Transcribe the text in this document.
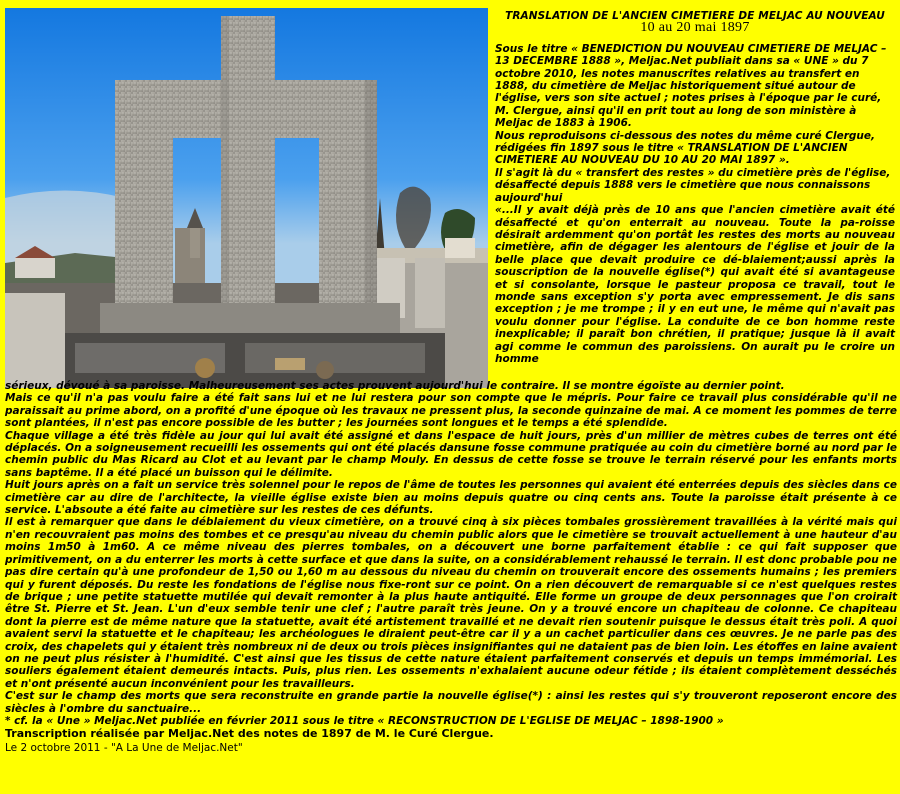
TRANSLATION DE L'ANCIEN CIMETIERE DE MELJAC AU NOUVEAU
10 au 20 mai 1897

Sous le titre « BENEDICTION DU NOUVEAU CIMETIERE DE MELJAC – 13 DECEMBRE 1888 », Meljac.Net publiait dans sa « UNE » du 7 octobre 2010, les notes manuscrites relatives au transfert en 1888, du cimetière de Meljac historiquement situé autour de l'église, vers son site actuel ; notes prises à l'époque par le curé, M. Clergue, ainsi qu'il en prit tout au long de son ministère à Meljac de 1883 à 1906.

Nous reproduisons ci-dessous des notes du même curé Clergue, rédigées fin 1897 sous le titre « TRANSLATION DE L'ANCIEN CIMETIERE AU NOUVEAU DU 10 AU 20 MAI 1897 ».

Il s'agit là du « transfert des restes » du cimetière près de l'église, désaffecté depuis 1888 vers le cimetière que nous connaissons aujourd'hui

«...Il y avait déjà près de 10 ans que l'ancien cimetière avait été désaffecté et qu'on enterrait au nouveau. Toute la pa-roisse désirait ardemment qu'on portât les restes des morts au nouveau cimetière, afin de dégager les alentours de l'église et jouir de la belle place que devait produire ce dé-blaiement;aussi après la souscription de la nouvelle église(*) qui avait été si avantageuse et si consolante, lorsque le pasteur proposa ce travail, tout le monde sans exception s'y porta avec empressement. Je dis sans exception ; je me trompe ; il y en eut une, le même qui n'avait pas voulu donner pour l'église. La conduite de ce bon homme reste inexplicable; il paraît bon chrétien, il pratique; jusque là il avait agi comme le commun des paroissiens. On aurait pu le croire un homme

sérieux, dévoué à sa paroisse. Malheureusement ses actes prouvent aujourd'hui le contraire. Il se montre égoïste au dernier point.

Mais ce qu'il n'a pas voulu faire a été fait sans lui et ne lui restera pour son compte que le mépris. Pour faire ce travail plus considérable qu'il ne paraissait au prime abord, on a profité d'une époque où les travaux ne pressent plus, la seconde quinzaine de mai. A ce moment les pommes de terre sont plantées, il n'est pas encore possible de les butter ; les journées sont longues et le temps a été splendide.

Chaque village a été très fidèle au jour qui lui avait été assigné et dans l'espace de huit jours, près d'un millier de mètres cubes de terres ont été déplacés. On a soigneusement recueilli les ossements qui ont été placés dansune fosse commune pratiquée au coin du cimetière borné au nord par le chemin public du Mas Ricard au Clot et au levant par le champ Mouly. En dessus de cette fosse se trouve le terrain réservé pour les enfants morts sans baptême. Il a été placé un buisson qui le délimite.

Huit jours après on a fait un service très solennel pour le repos de l'âme de toutes les personnes qui avaient été enterrées depuis des siècles dans ce cimetière car au dire de l'architecte, la vieille église existe bien au moins depuis quatre ou cinq cents ans. Toute la paroisse était présente à ce service. L'absoute a été faite au cimetière sur les restes de ces défunts.

Il est à remarquer que dans le déblaiement du vieux cimetière, on a trouvé cinq à six pièces tombales grossièrement travaillées à la vérité mais qui n'en recouvraient pas moins des tombes et ce presqu'au niveau du chemin public alors que le cimetière se trouvait actuellement à une hauteur d'au moins 1m50 à 1m60. A ce même niveau des pierres tombales, on a découvert une borne parfaitement établie : ce qui fait supposer que primitivement, on a du enterrer les morts à cette surface et que dans la suite, on a considérablement rehaussé le terrain. Il est donc probable pou ne pas dire certain qu'à une profondeur de 1,50 ou 1,60 m au dessous du niveau du chemin on trouverait encore des ossements humains ; les premiers qui y furent déposés. Du reste les fondations de l'église nous fixe-ront sur ce point. On a rien découvert de remarquable si ce n'est quelques restes de brique ; une petite statuette mutilée qui devait remonter à la plus haute antiquité. Elle forme un groupe de deux personnages que l'on croirait être St. Pierre et St. Jean. L'un d'eux semble tenir une clef ; l'autre paraît très jeune. On y a trouvé encore un chapiteau de colonne. Ce chapiteau dont la pierre est de même nature que la statuette, avait été artistement travaillé et ne devait rien soutenir puisque le dessus était très poli. A quoi avaient servi la statuette et le chapiteau; les archéologues le diraient peut-être car il y a un cachet particulier dans ces œuvres. Je ne parle pas des croix, des chapelets qui y étaient très nombreux ni de deux ou trois pièces insignifiantes qui ne dataient pas de bien loin. Les étoffes en laine avaient on ne peut plus résister à l'humidité. C'est ainsi que les tissus de cette nature étaient parfaitement conservés et depuis un temps immémorial. Les souliers également étaient demeurés intacts. Puis, plus rien. Les ossements n'exhalaient aucune odeur fétide ; ils étaient complètement desséchés et n'ont présenté aucun inconvénient pour les travailleurs.

C'est sur le champ des morts que sera reconstruite en grande partie la nouvelle église(*) : ainsi les restes qui s'y trouveront reposeront encore des siècles à l'ombre du sanctuaire...

* cf. la « Une » Meljac.Net publiée en février 2011 sous le titre « RECONSTRUCTION DE L'EGLISE DE MELJAC – 1898-1900 »

Transcription réalisée par Meljac.Net des notes de 1897 de M. le Curé Clergue.

Le 2 octobre 2011 - "A La Une de Meljac.Net"
